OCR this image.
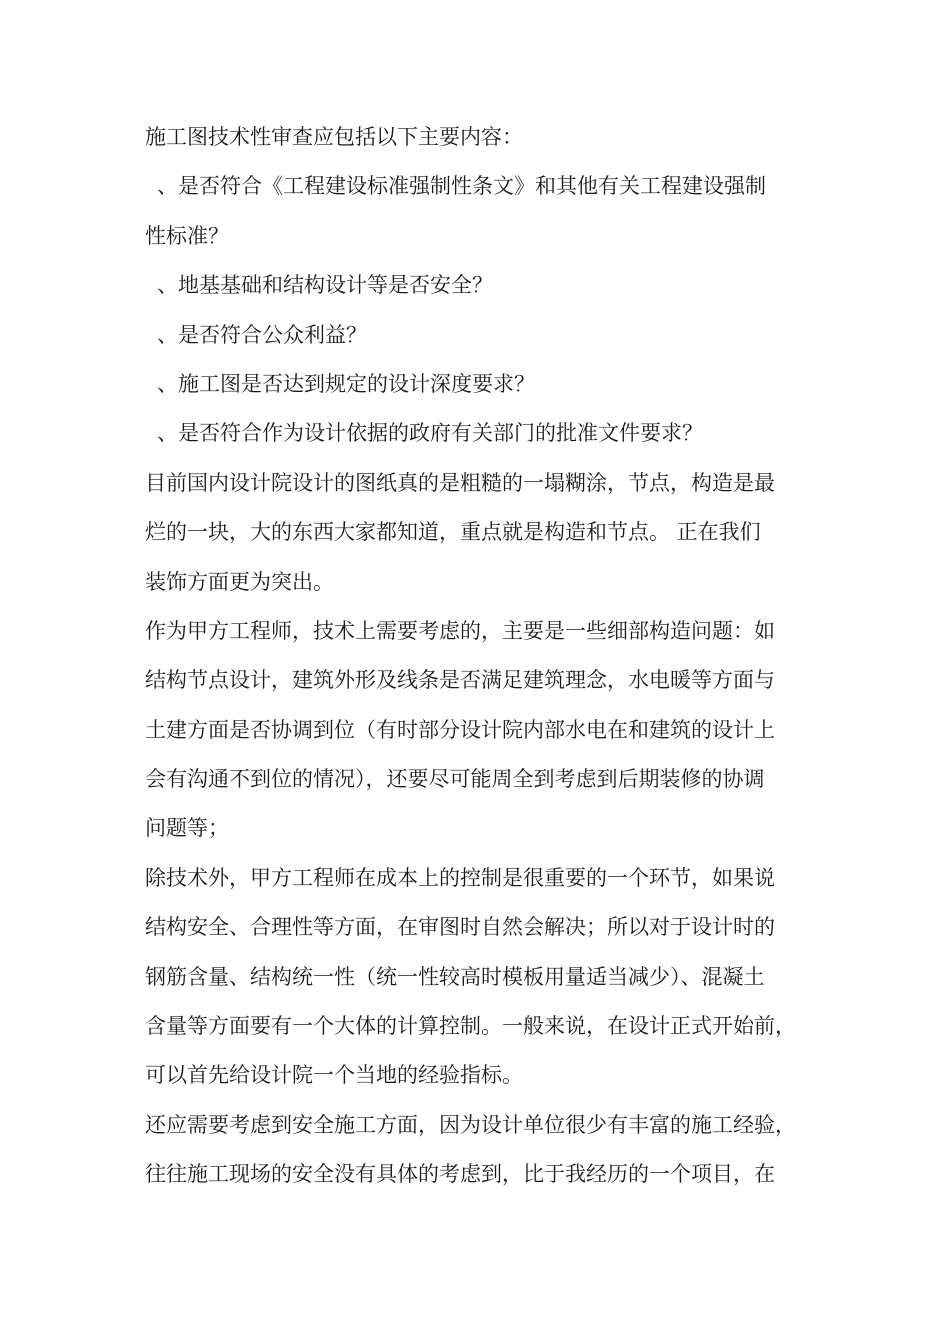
施工图技术性审查应包括以下主要内容：
、是否符合《工程建设标准强制性条文》和其他有关工程建设强制
性标准？
、地基基础和结构设计等是否安全？
、是否符合公众利益？
、施工图是否达到规定的设计深度要求？
、是否符合作为设计依据的政府有关部门的批准文件要求？
目前国内设计院设计的图纸真的是粗糙的一塌糊涂，节点，构造是最
烂的一块，大的东西大家都知道，重点就是构造和节点。 正在我们
装饰方面更为突出。
作为甲方工程师，技术上需要考虑的，主要是一些细部构造问题：如
结构节点设计，建筑外形及线条是否满足建筑理念，水电暖等方面与
土建方面是否协调到位（有时部分设计院内部水电在和建筑的设计上
会有沟通不到位的情况），还要尽可能周全到考虑到后期装修的协调
问题等；
除技术外，甲方工程师在成本上的控制是很重要的一个环节，如果说
结构安全、合理性等方面，在审图时自然会解决；所以对于设计时的
钢筋含量、结构统一性（统一性较高时模板用量适当减少）、混凝土
含量等方面要有一个大体的计算控制。一般来说，在设计正式开始前，
可以首先给设计院一个当地的经验指标。
还应需要考虑到安全施工方面，因为设计单位很少有丰富的施工经验，
往往施工现场的安全没有具体的考虑到，比于我经历的一个项目，在
